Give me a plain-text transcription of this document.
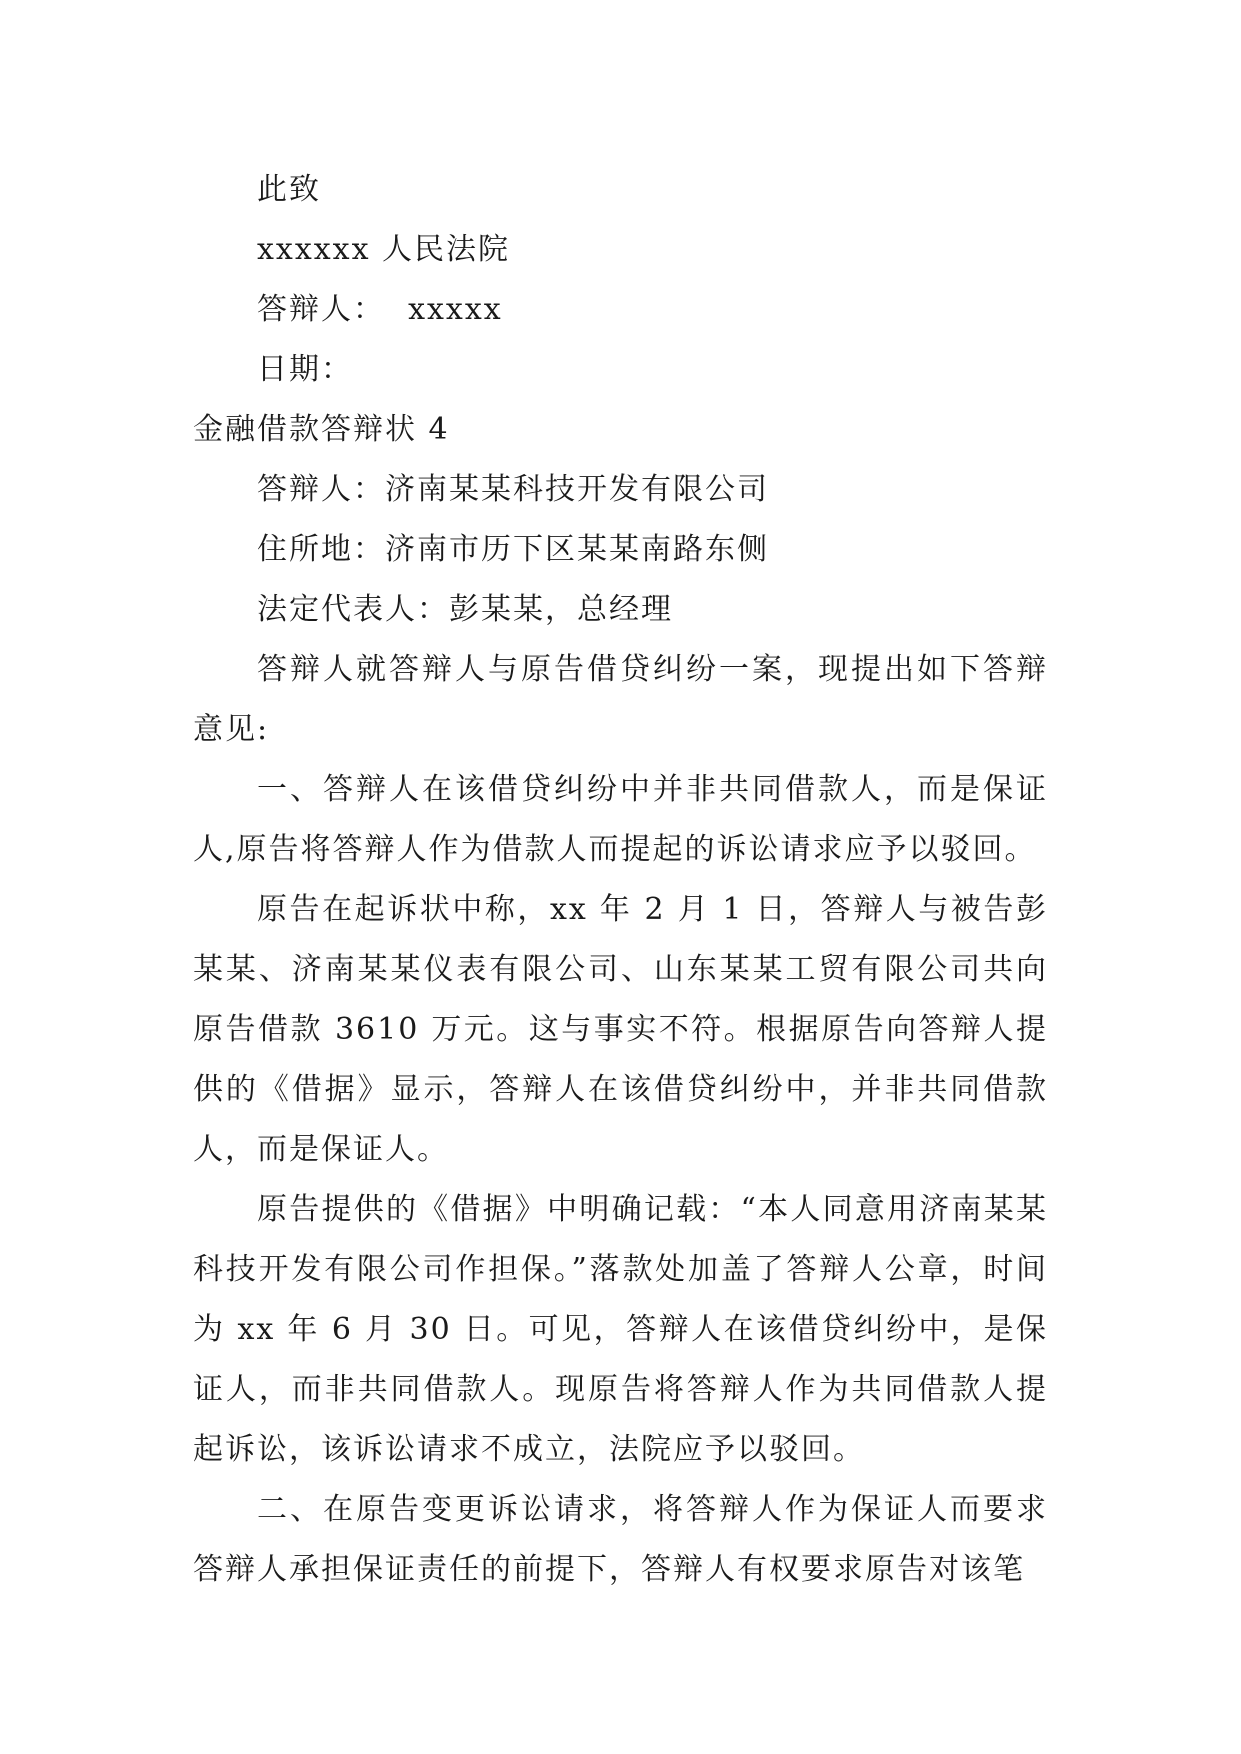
此致

xxxxxx 人民法院

答辩人：  xxxxx

日期：

金融借款答辩状 4

答辩人：济南某某科技开发有限公司

住所地：济南市历下区某某南路东侧

法定代表人：彭某某，总经理

答辩人就答辩人与原告借贷纠纷一案，现提出如下答辩意见:

一、答辩人在该借贷纠纷中并非共同借款人，而是保证人,原告将答辩人作为借款人而提起的诉讼请求应予以驳回。

原告在起诉状中称，xx 年 2 月 1 日，答辩人与被告彭某某、济南某某仪表有限公司、山东某某工贸有限公司共向原告借款 3610 万元。这与事实不符。根据原告向答辩人提供的《借据》显示，答辩人在该借贷纠纷中，并非共同借款人，而是保证人。

原告提供的《借据》中明确记载：“本人同意用济南某某科技开发有限公司作担保。”落款处加盖了答辩人公章，时间为 xx 年 6 月 30 日。可见，答辩人在该借贷纠纷中，是保证人，而非共同借款人。现原告将答辩人作为共同借款人提起诉讼，该诉讼请求不成立，法院应予以驳回。

二、在原告变更诉讼请求，将答辩人作为保证人而要求答辩人承担保证责任的前提下，答辩人有权要求原告对该笔
